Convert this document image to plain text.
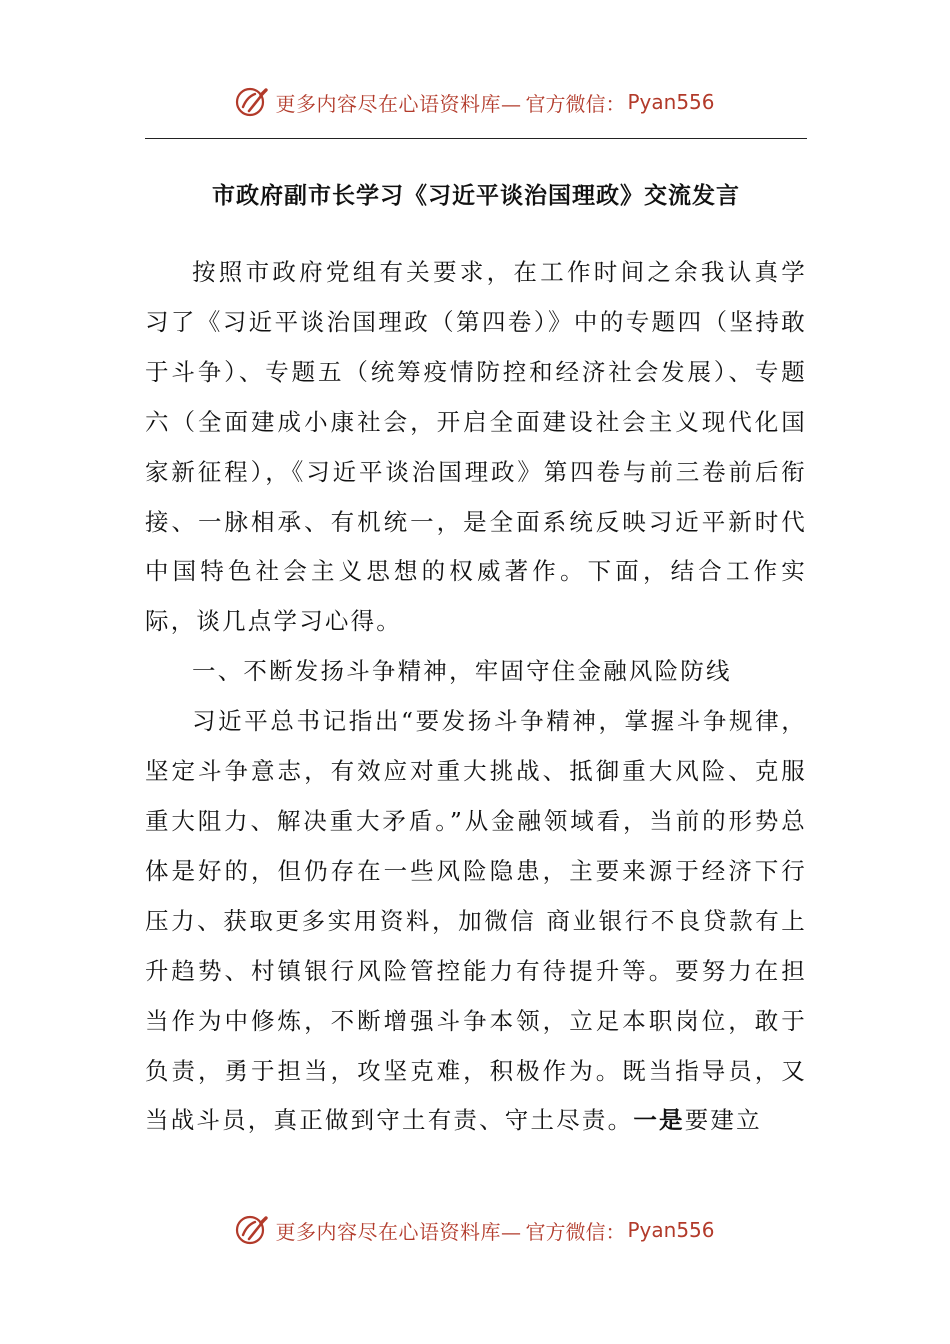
更多内容尽在心语资料库— 官方微信： Pyan556
市政府副市长学习《习近平谈治国理政》交流发言

按照市政府党组有关要求，在工作时间之余我认真学习了《习近平谈治国理政（第四卷）》中的专题四（坚持敢于斗争）、专题五（统筹疫情防控和经济社会发展）、专题六（全面建成小康社会，开启全面建设社会主义现代化国家新征程），《习近平谈治国理政》第四卷与前三卷前后衔接、一脉相承、有机统一，是全面系统反映习近平新时代中国特色社会主义思想的权威著作。下面，结合工作实际，谈几点学习心得。

一、不断发扬斗争精神，牢固守住金融风险防线

习近平总书记指出“要发扬斗争精神，掌握斗争规律，坚定斗争意志，有效应对重大挑战、抵御重大风险、克服重大阻力、解决重大矛盾。”从金融领域看，当前的形势总体是好的，但仍存在一些风险隐患，主要来源于经济下行压力、获取更多实用资料，加微信 商业银行不良贷款有上升趋势、村镇银行风险管控能力有待提升等。要努力在担当作为中修炼，不断增强斗争本领，立足本职岗位，敢于负责，勇于担当，攻坚克难，积极作为。既当指导员，又当战斗员，真正做到守土有责、守土尽责。一是要建立

更多内容尽在心语资料库— 官方微信： Pyan556
